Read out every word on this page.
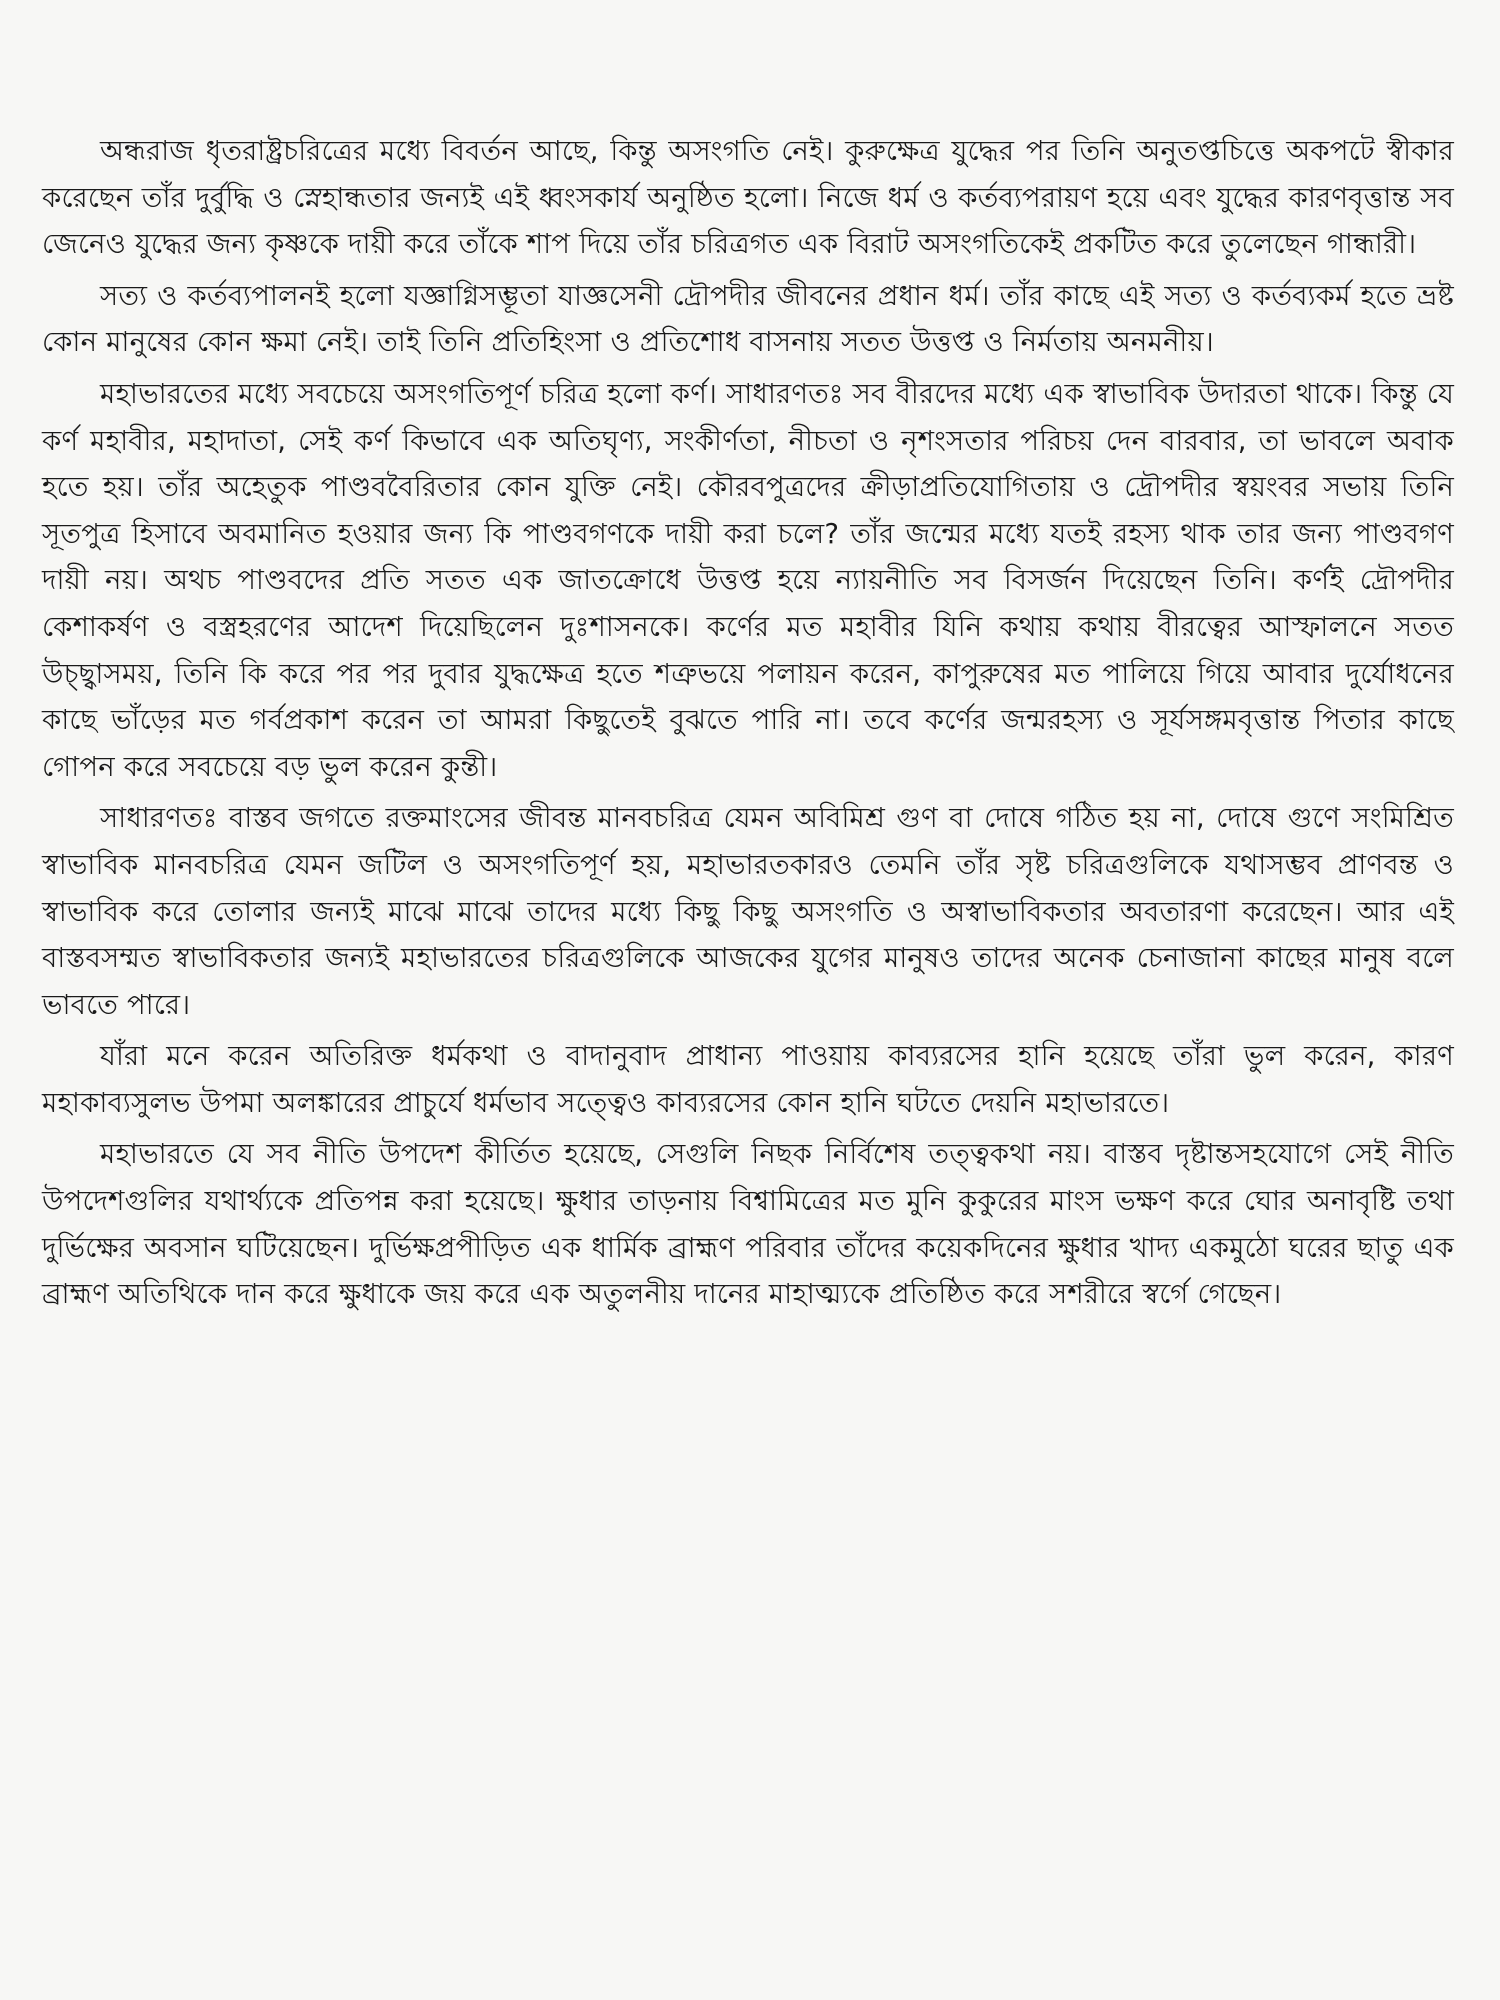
অন্ধরাজ ধৃতরাষ্ট্রচরিত্রের মধ্যে বিবর্তন আছে, কিন্তু অসংগতি নেই। কুরুক্ষেত্র যুদ্ধের পর তিনি অনুতপ্তচিত্তে অকপটে স্বীকার করেছেন তাঁর দুর্বুদ্ধি ও স্নেহান্ধতার জন্যই এই ধ্বংসকার্য অনুষ্ঠিত হলো। নিজে ধর্ম ও কর্তব্যপরায়ণ হয়ে এবং যুদ্ধের কারণবৃত্তান্ত সব জেনেও যুদ্ধের জন্য কৃষ্ণকে দায়ী করে তাঁকে শাপ দিয়ে তাঁর চরিত্রগত এক বিরাট অসংগতিকেই প্রকটিত করে তুলেছেন গান্ধারী।

সত্য ও কর্তব্যপালনই হলো যজ্ঞাগ্নিসম্ভূতা যাজ্ঞসেনী দ্রৌপদীর জীবনের প্রধান ধর্ম। তাঁর কাছে এই সত্য ও কর্তব্যকর্ম হতে ভ্রষ্ট কোন মানুষের কোন ক্ষমা নেই। তাই তিনি প্রতিহিংসা ও প্রতিশোধ বাসনায় সতত উত্তপ্ত ও নির্মতায় অনমনীয়।

মহাভারতের মধ্যে সবচেয়ে অসংগতিপূর্ণ চরিত্র হলো কর্ণ। সাধারণতঃ সব বীরদের মধ্যে এক স্বাভাবিক উদারতা থাকে। কিন্তু যে কর্ণ মহাবীর, মহাদাতা, সেই কর্ণ কিভাবে এক অতিঘৃণ্য, সংকীর্ণতা, নীচতা ও নৃশংসতার পরিচয় দেন বারবার, তা ভাবলে অবাক হতে হয়। তাঁর অহেতুক পাণ্ডববৈরিতার কোন যুক্তি নেই। কৌরবপুত্রদের ক্রীড়াপ্রতিযোগিতায় ও দ্রৌপদীর স্বয়ংবর সভায় তিনি সূতপুত্র হিসাবে অবমানিত হওয়ার জন্য কি পাণ্ডবগণকে দায়ী করা চলে? তাঁর জন্মের মধ্যে যতই রহস্য থাক তার জন্য পাণ্ডবগণ দায়ী নয়। অথচ পাণ্ডবদের প্রতি সতত এক জাতক্রোধে উত্তপ্ত হয়ে ন্যায়নীতি সব বিসর্জন দিয়েছেন তিনি। কর্ণই দ্রৌপদীর কেশাকর্ষণ ও বস্ত্রহরণের আদেশ দিয়েছিলেন দুঃশাসনকে। কর্ণের মত মহাবীর যিনি কথায় কথায় বীরত্বের আস্ফালনে সতত উচ্ছ্বাসময়, তিনি কি করে পর পর দুবার যুদ্ধক্ষেত্র হতে শত্রুভয়ে পলায়ন করেন, কাপুরুষের মত পালিয়ে গিয়ে আবার দুর্যোধনের কাছে ভাঁড়ের মত গর্বপ্রকাশ করেন তা আমরা কিছুতেই বুঝতে পারি না। তবে কর্ণের জন্মরহস্য ও সূর্যসঙ্গমবৃত্তান্ত পিতার কাছে গোপন করে সবচেয়ে বড় ভুল করেন কুন্তী।

সাধারণতঃ বাস্তব জগতে রক্তমাংসের জীবন্ত মানবচরিত্র যেমন অবিমিশ্র গুণ বা দোষে গঠিত হয় না, দোষে গুণে সংমিশ্রিত স্বাভাবিক মানবচরিত্র যেমন জটিল ও অসংগতিপূর্ণ হয়, মহাভারতকারও তেমনি তাঁর সৃষ্ট চরিত্রগুলিকে যথাসম্ভব প্রাণবন্ত ও স্বাভাবিক করে তোলার জন্যই মাঝে মাঝে তাদের মধ্যে কিছু কিছু অসংগতি ও অস্বাভাবিকতার অবতারণা করেছেন। আর এই বাস্তবসম্মত স্বাভাবিকতার জন্যই মহাভারতের চরিত্রগুলিকে আজকের যুগের মানুষও তাদের অনেক চেনাজানা কাছের মানুষ বলে ভাবতে পারে।

যাঁরা মনে করেন অতিরিক্ত ধর্মকথা ও বাদানুবাদ প্রাধান্য পাওয়ায় কাব্যরসের হানি হয়েছে তাঁরা ভুল করেন, কারণ মহাকাব্যসুলভ উপমা অলঙ্কারের প্রাচুর্যে ধর্মভাব সত্ত্বেও কাব্যরসের কোন হানি ঘটতে দেয়নি মহাভারতে।

মহাভারতে যে সব নীতি উপদেশ কীর্তিত হয়েছে, সেগুলি নিছক নির্বিশেষ তত্ত্বকথা নয়। বাস্তব দৃষ্টান্তসহযোগে সেই নীতি উপদেশগুলির যথার্থ্যকে প্রতিপন্ন করা হয়েছে। ক্ষুধার তাড়নায় বিশ্বামিত্রের মত মুনি কুকুরের মাংস ভক্ষণ করে ঘোর অনাবৃষ্টি তথা দুর্ভিক্ষের অবসান ঘটিয়েছেন। দুর্ভিক্ষপ্রপীড়িত এক ধার্মিক ব্রাহ্মণ পরিবার তাঁদের কয়েকদিনের ক্ষুধার খাদ্য একমুঠো ঘরের ছাতু এক ব্রাহ্মণ অতিথিকে দান করে ক্ষুধাকে জয় করে এক অতুলনীয় দানের মাহাত্ম্যকে প্রতিষ্ঠিত করে সশরীরে স্বর্গে গেছেন।
